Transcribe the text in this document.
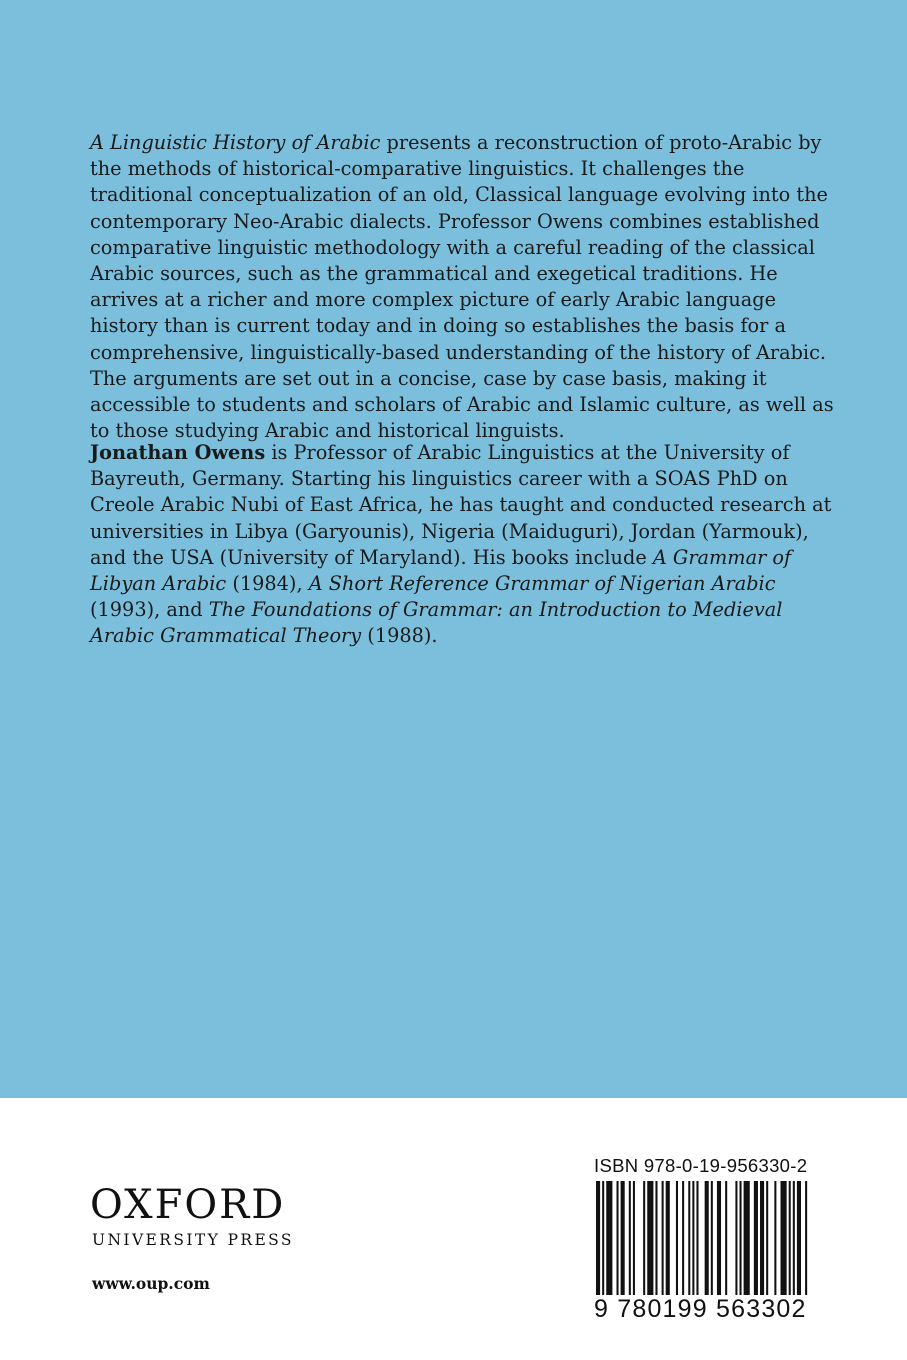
A Linguistic History of Arabic presents a reconstruction of proto-Arabic by the methods of historical-comparative linguistics. It challenges the traditional conceptualization of an old, Classical language evolving into the contemporary Neo-Arabic dialects. Professor Owens combines established comparative linguistic methodology with a careful reading of the classical Arabic sources, such as the grammatical and exegetical traditions. He arrives at a richer and more complex picture of early Arabic language history than is current today and in doing so establishes the basis for a comprehensive, linguistically-based understanding of the history of Arabic. The arguments are set out in a concise, case by case basis, making it accessible to students and scholars of Arabic and Islamic culture, as well as to those studying Arabic and historical linguists.

Jonathan Owens is Professor of Arabic Linguistics at the University of Bayreuth, Germany. Starting his linguistics career with a SOAS PhD on Creole Arabic Nubi of East Africa, he has taught and conducted research at universities in Libya (Garyounis), Nigeria (Maiduguri), Jordan (Yarmouk), and the USA (University of Maryland). His books include A Grammar of Libyan Arabic (1984), A Short Reference Grammar of Nigerian Arabic (1993), and The Foundations of Grammar: an Introduction to Medieval Arabic Grammatical Theory (1988).

OXFORD
UNIVERSITY PRESS
www.oup.com
ISBN 978-0-19-956330-2
9 780199 563302
